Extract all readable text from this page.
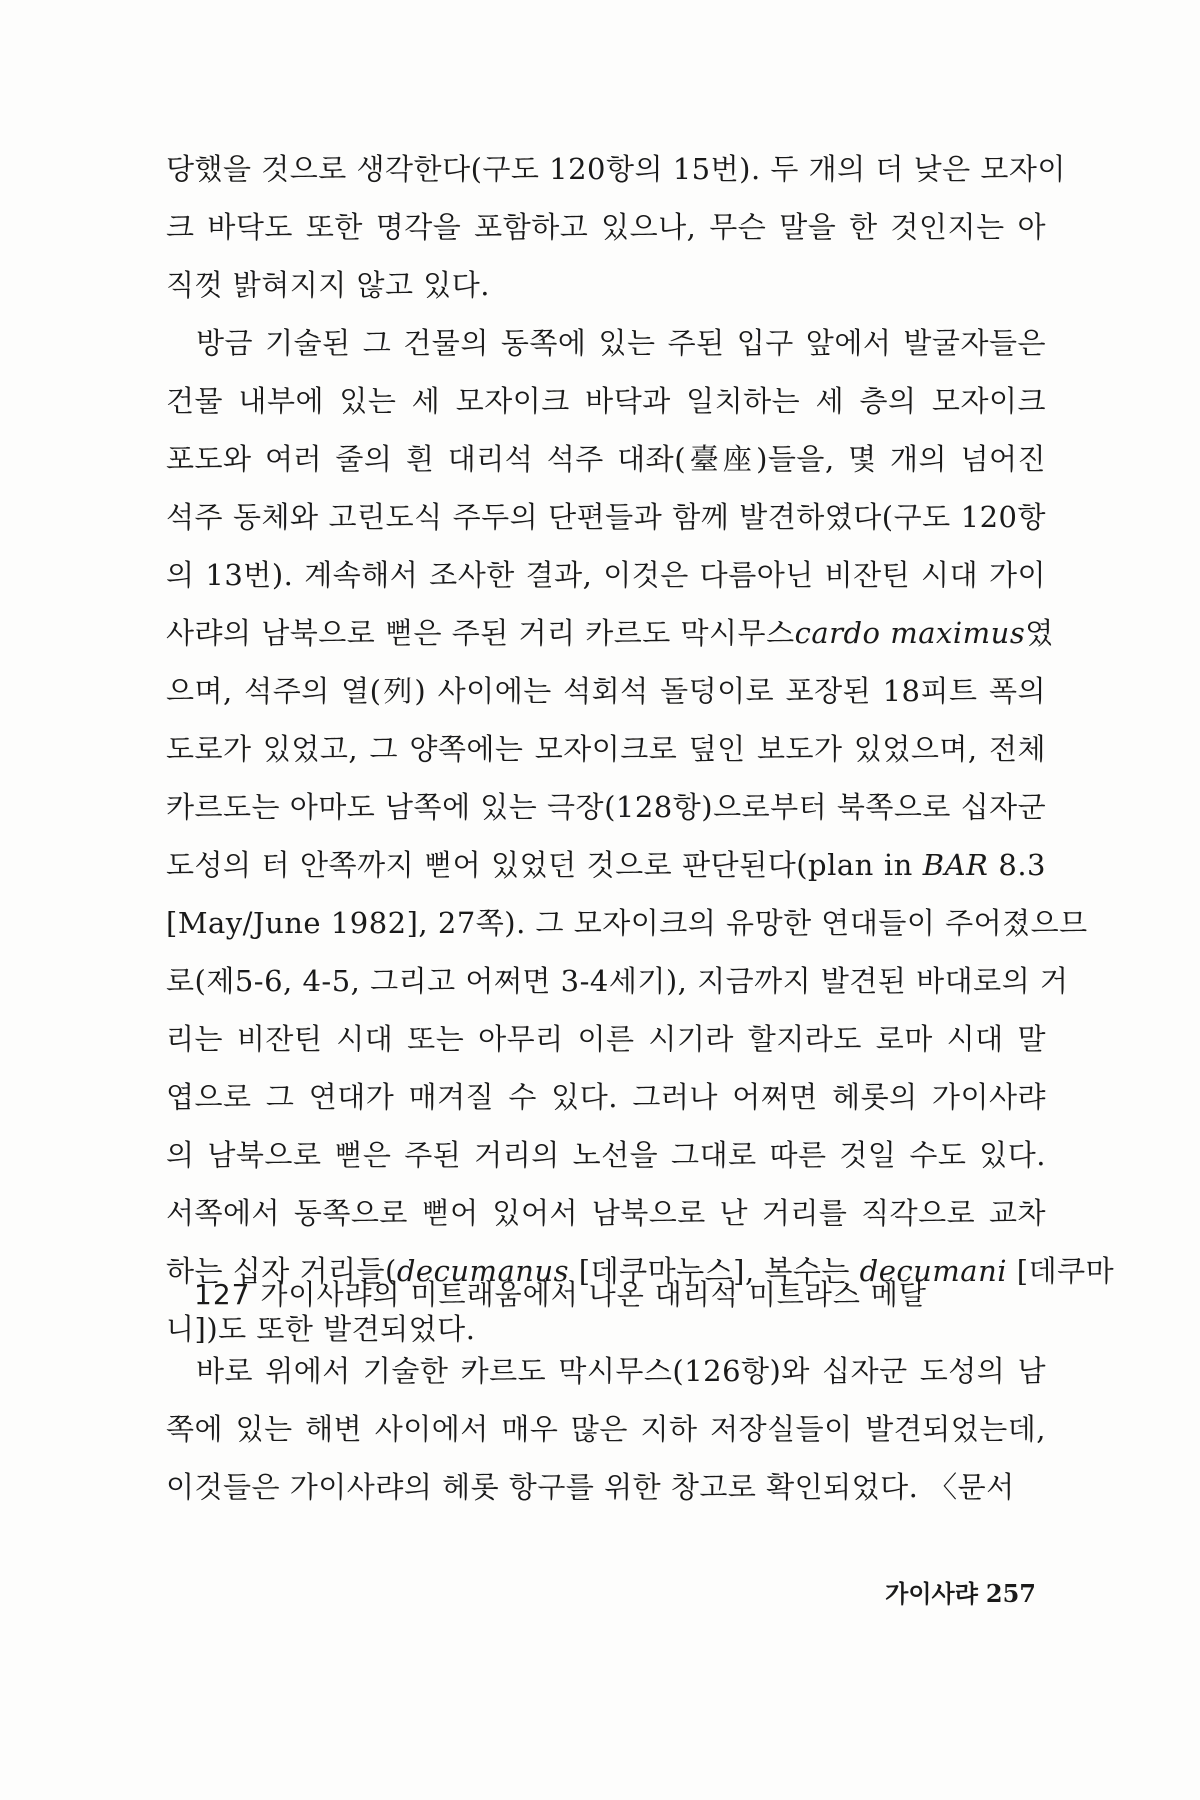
당했을 것으로 생각한다(구도 120항의 15번). 두 개의 더 낮은 모자이
크 바닥도 또한 명각을 포함하고 있으나, 무슨 말을 한 것인지는 아
직껏 밝혀지지 않고 있다.

방금 기술된 그 건물의 동쪽에 있는 주된 입구 앞에서 발굴자들은
건물 내부에 있는 세 모자이크 바닥과 일치하는 세 층의 모자이크
포도와 여러 줄의 흰 대리석 석주 대좌(臺座)들을, 몇 개의 넘어진
석주 동체와 고린도식 주두의 단편들과 함께 발견하였다(구도 120항
의 13번). 계속해서 조사한 결과, 이것은 다름아닌 비잔틴 시대 가이
사랴의 남북으로 뻗은 주된 거리 카르도 막시무스cardo maximus였
으며, 석주의 열(列) 사이에는 석회석 돌덩이로 포장된 18피트 폭의
도로가 있었고, 그 양쪽에는 모자이크로 덮인 보도가 있었으며, 전체
카르도는 아마도 남쪽에 있는 극장(128항)으로부터 북쪽으로 십자군
도성의 터 안쪽까지 뻗어 있었던 것으로 판단된다(plan in BAR 8.3
[May/June 1982], 27쪽). 그 모자이크의 유망한 연대들이 주어졌으므
로(제5-6, 4-5, 그리고 어쩌면 3-4세기), 지금까지 발견된 바대로의 거
리는 비잔틴 시대 또는 아무리 이른 시기라 할지라도 로마 시대 말
엽으로 그 연대가 매겨질 수 있다. 그러나 어쩌면 헤롯의 가이사랴
의 남북으로 뻗은 주된 거리의 노선을 그대로 따른 것일 수도 있다.
서쪽에서 동쪽으로 뻗어 있어서 남북으로 난 거리를 직각으로 교차
하는 십자 거리들(decumanus [데쿠마누스], 복수는 decumani [데쿠마
니])도 또한 발견되었다.

127 가이사랴의 미트래움에서 나온 대리석 미트라스 메달

바로 위에서 기술한 카르도 막시무스(126항)와 십자군 도성의 남
쪽에 있는 해변 사이에서 매우 많은 지하 저장실들이 발견되었는데,
이것들은 가이사랴의 헤롯 항구를 위한 창고로 확인되었다. 〈문서

가이사랴 257
